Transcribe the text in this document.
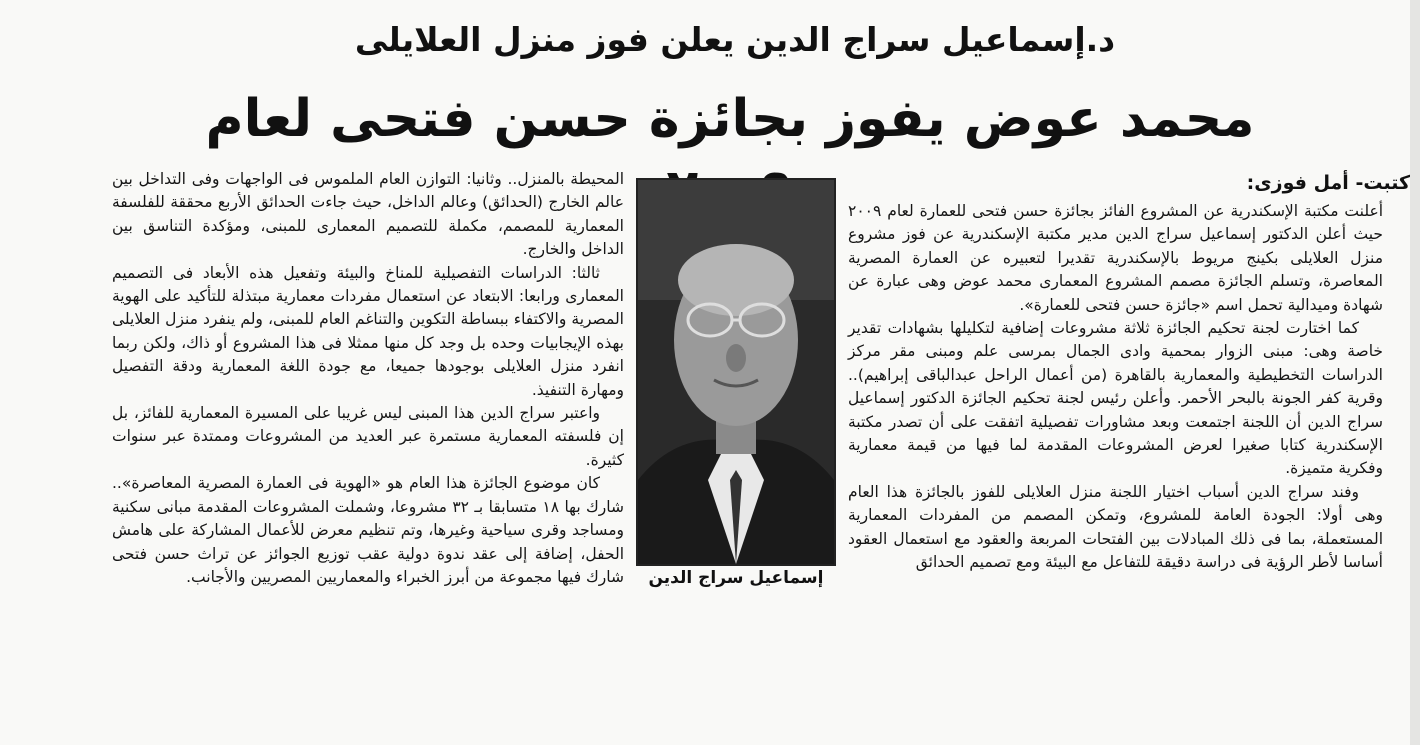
د.إسماعيل سراج الدين يعلن فوز منزل العلايلى
محمد عوض يفوز بجائزة حسن فتحى لعام
كتبت- أمل فوزى:

أعلنت مكتبة الإسكندرية عن المشروع الفائز بجائزة حسن فتحى للعمارة لعام ٢٠٠٩ حيث أعلن الدكتور إسماعيل سراج الدين مدير مكتبة الإسكندرية عن فوز مشروع منزل العلايلى بكينج مريوط بالإسكندرية تقديرا لتعبيره عن العمارة المصرية المعاصرة، وتسلم الجائزة مصمم المشروع المعمارى محمد عوض وهى عبارة عن شهادة وميدالية تحمل اسم «جائزة حسن فتحى للعمارة».

كما اختارت لجنة تحكيم الجائزة ثلاثة مشروعات إضافية لتكليلها بشهادات تقدير خاصة وهى: مبنى الزوار بمحمية وادى الجمال بمرسى علم ومبنى مقر مركز الدراسات التخطيطية والمعمارية بالقاهرة (من أعمال الراحل عبدالباقى إبراهيم).. وقرية كفر الجونة بالبحر الأحمر. وأعلن رئيس لجنة تحكيم الجائزة الدكتور إسماعيل سراج الدين أن اللجنة اجتمعت وبعد مشاورات تفصيلية اتفقت على أن تصدر مكتبة الإسكندرية كتابا صغيرا لعرض المشروعات المقدمة لما فيها من قيمة معمارية وفكرية متميزة.

وفند سراج الدين أسباب اختيار اللجنة منزل العلايلى للفوز بالجائزة هذا العام وهى أولا: الجودة العامة للمشروع، وتمكن المصمم من المفردات المعمارية المستعملة، بما فى ذلك المبادلات بين الفتحات المربعة والعقود مع استعمال العقود أساسا لأطر الرؤية فى دراسة دقيقة للتفاعل مع البيئة ومع تصميم الحدائق

إسماعيل سراج الدين

المحيطة بالمنزل.. وثانيا: التوازن العام الملموس فى الواجهات وفى التداخل بين عالم الخارج (الحدائق) وعالم الداخل، حيث جاءت الحدائق الأربع محققة للفلسفة المعمارية للمصمم، مكملة للتصميم المعمارى للمبنى، ومؤكدة التناسق بين الداخل والخارج.

ثالثا: الدراسات التفصيلية للمناخ والبيئة وتفعيل هذه الأبعاد فى التصميم المعمارى ورابعا: الابتعاد عن استعمال مفردات معمارية مبتذلة للتأكيد على الهوية المصرية والاكتفاء ببساطة التكوين والتناغم العام للمبنى، ولم ينفرد منزل العلايلى بهذه الإيجابيات وحده بل وجد كل منها ممثلا فى هذا المشروع أو ذاك، ولكن ربما انفرد منزل العلايلى بوجودها جميعا، مع جودة اللغة المعمارية ودقة التفصيل ومهارة التنفيذ.

واعتبر سراج الدين هذا المبنى ليس غريبا على المسيرة المعمارية للفائز، بل إن فلسفته المعمارية مستمرة عبر العديد من المشروعات وممتدة عبر سنوات كثيرة.

كان موضوع الجائزة هذا العام هو «الهوية فى العمارة المصرية المعاصرة».. شارك بها ١٨ متسابقا بـ ٣٢ مشروعا، وشملت المشروعات المقدمة مبانى سكنية ومساجد وقرى سياحية وغيرها، وتم تنظيم معرض للأعمال المشاركة على هامش الحفل، إضافة إلى عقد ندوة دولية عقب توزيع الجوائز عن تراث حسن فتحى شارك فيها مجموعة من أبرز الخبراء والمعماريين المصريين والأجانب.
